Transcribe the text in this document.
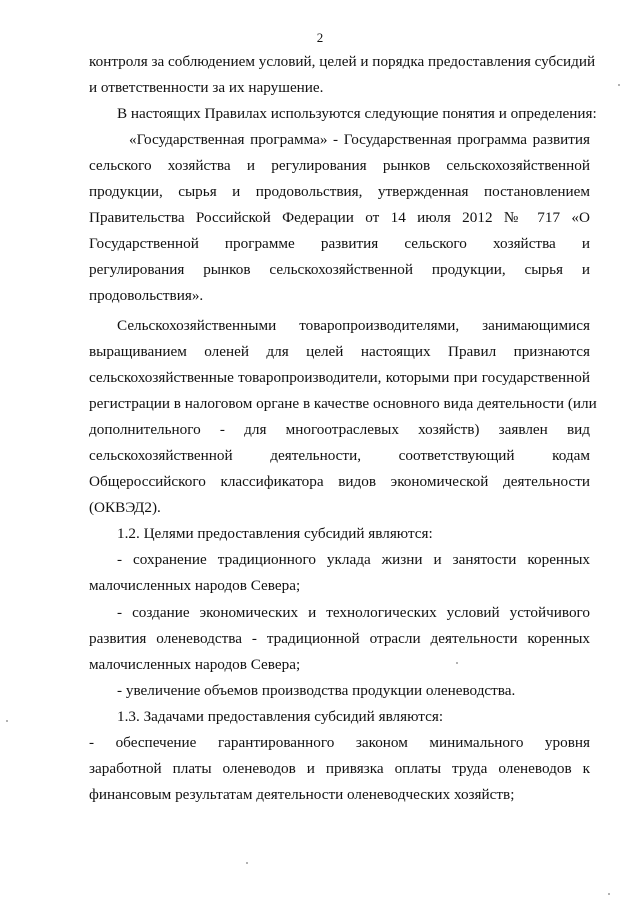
2
контроля за соблюдением условий, целей и порядка предоставления субсидий
и ответственности за их нарушение.
В настоящих Правилах используются следующие понятия и определения:
«Государственная программа» - Государственная программа развития
сельского хозяйства и регулирования рынков сельскохозяйственной
продукции, сырья и продовольствия, утвержденная постановлением
Правительства Российской Федерации от 14 июля 2012 № 717 «О
Государственной программе развития сельского хозяйства и
регулирования рынков сельскохозяйственной продукции, сырья и
продовольствия».
Сельскохозяйственными товаропроизводителями, занимающимися
выращиванием оленей для целей настоящих Правил признаются
сельскохозяйственные товаропроизводители, которыми при государственной
регистрации в налоговом органе в качестве основного вида деятельности (или
дополнительного - для многоотраслевых хозяйств) заявлен вид
сельскохозяйственной деятельности, соответствующий кодам
Общероссийского классификатора видов экономической деятельности
(ОКВЭД2).
1.2. Целями предоставления субсидий являются:
- сохранение традиционного уклада жизни и занятости коренных
малочисленных народов Севера;
- создание экономических и технологических условий устойчивого
развития оленеводства - традиционной отрасли деятельности коренных
малочисленных народов Севера;
- увеличение объемов производства продукции оленеводства.
1.3. Задачами предоставления субсидий являются:
- обеспечение гарантированного законом минимального уровня
заработной платы оленеводов и привязка оплаты труда оленеводов к
финансовым результатам деятельности оленеводческих хозяйств;
